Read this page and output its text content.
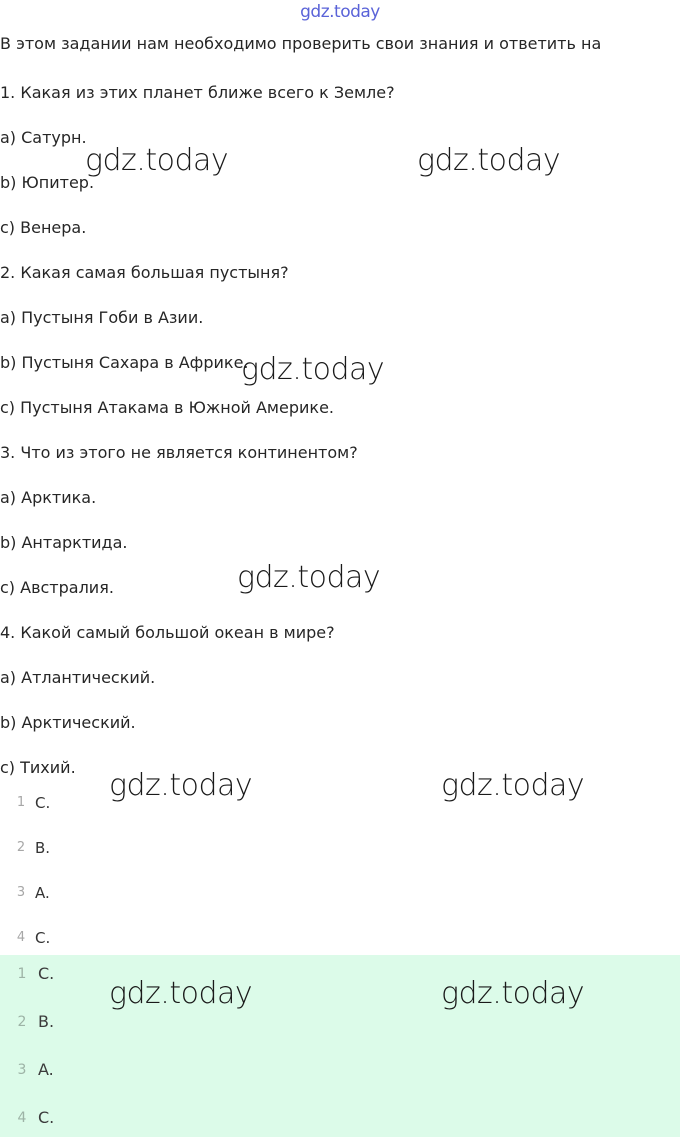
gdz.today
В этом задании нам необходимо проверить свои знания и ответить на
1. Какая из этих планет ближе всего к Земле?
a) Сатурн.
b) Юпитер.
c) Венера.
2. Какая самая большая пустыня?
a) Пустыня Гоби в Азии.
b) Пустыня Сахара в Африке.
c) Пустыня Атакама в Южной Америке.
3. Что из этого не является континентом?
a) Арктика.
b) Антарктида.
c) Австралия.
4. Какой самый большой океан в мире?
a) Атлантический.
b) Арктический.
c) Тихий.
1 C.
2 B.
3 A.
4 C.
1 C.
2 B.
3 A.
4 C.
gdz.today	gdz.today
gdz.today
gdz.today
gdz.today	gdz.today
gdz.today	gdz.today
